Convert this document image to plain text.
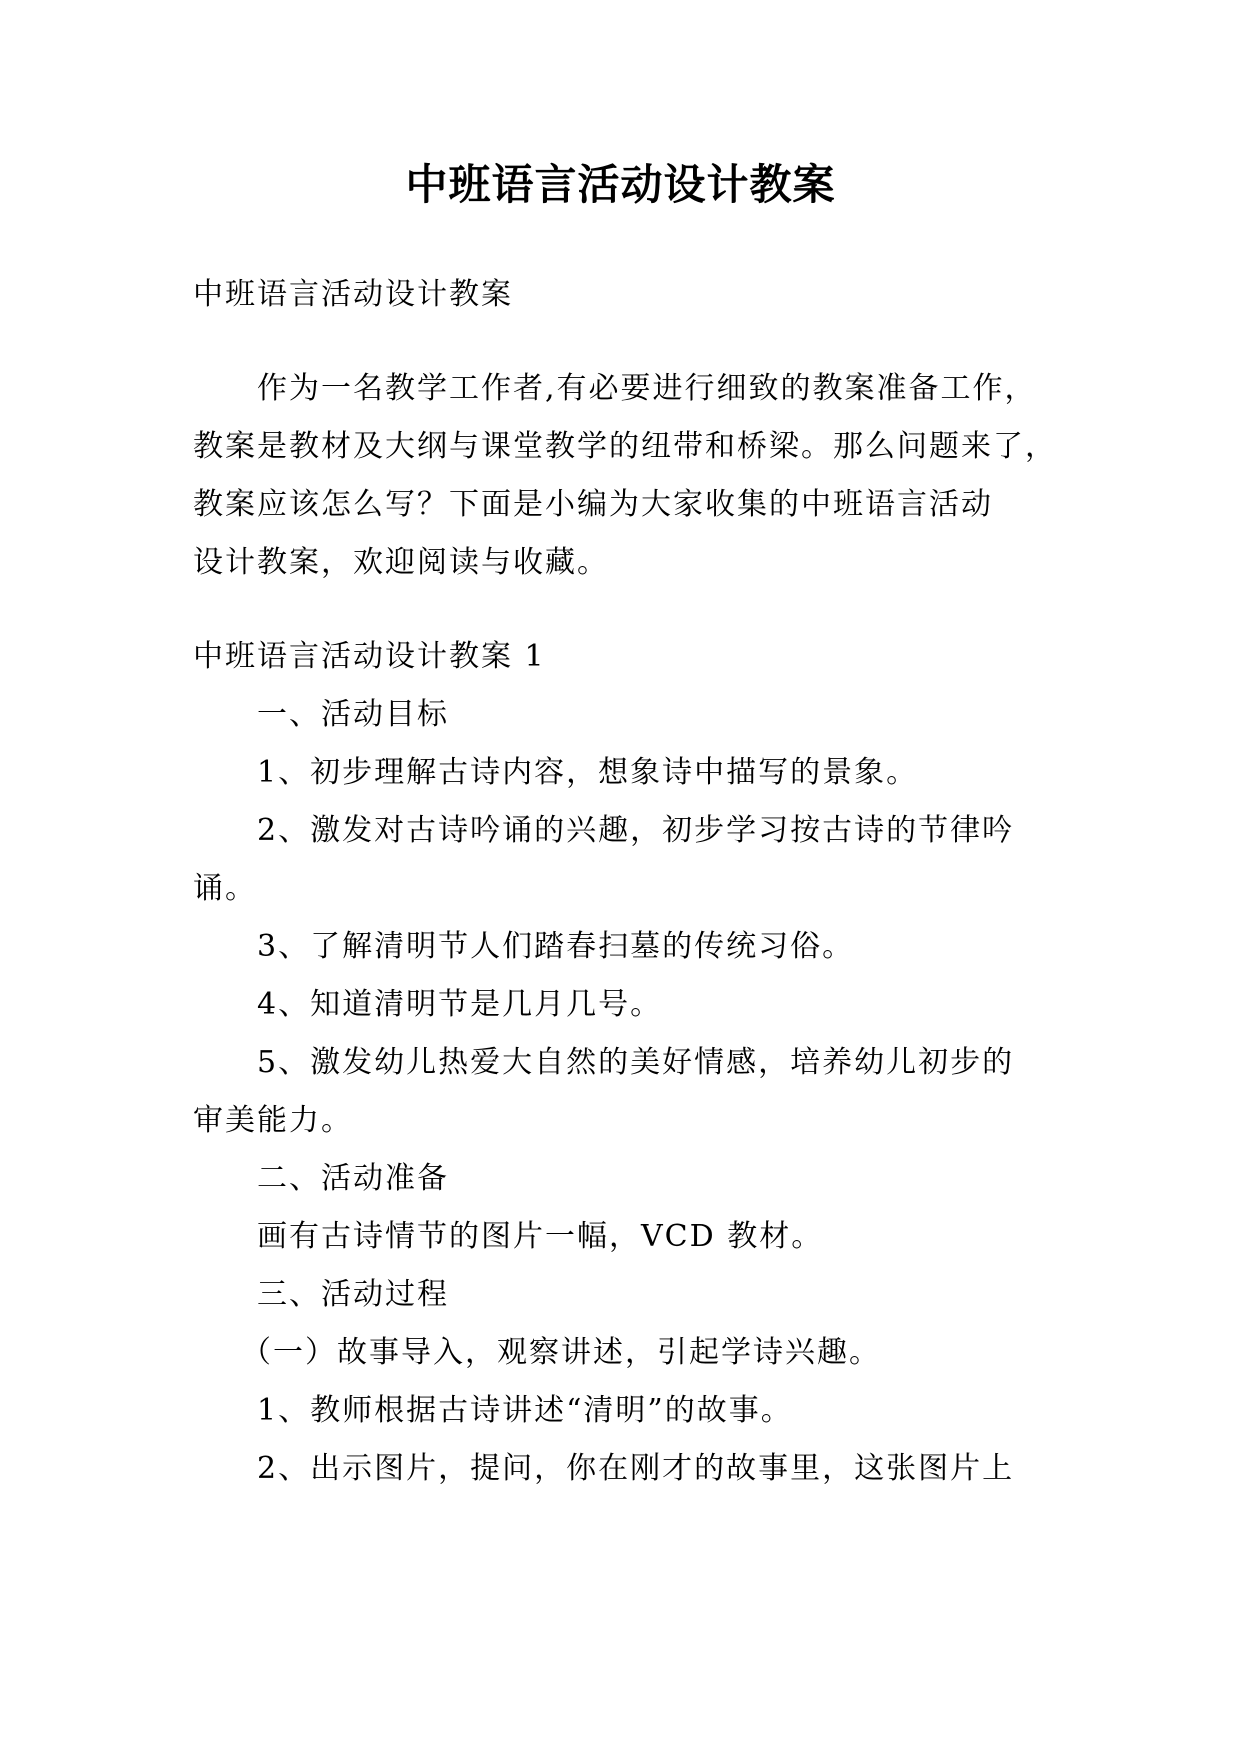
中班语言活动设计教案
中班语言活动设计教案
作为一名教学工作者,有必要进行细致的教案准备工作，
教案是教材及大纲与课堂教学的纽带和桥梁。那么问题来了，
教案应该怎么写？下面是小编为大家收集的中班语言活动
设计教案，欢迎阅读与收藏。
中班语言活动设计教案 1
一、活动目标
1、初步理解古诗内容，想象诗中描写的景象。
2、激发对古诗吟诵的兴趣，初步学习按古诗的节律吟
诵。
3、了解清明节人们踏春扫墓的传统习俗。
4、知道清明节是几月几号。
5、激发幼儿热爱大自然的美好情感，培养幼儿初步的
审美能力。
二、活动准备
画有古诗情节的图片一幅，VCD 教材。
三、活动过程
（一）故事导入，观察讲述，引起学诗兴趣。
1、教师根据古诗讲述“清明”的故事。
2、出示图片，提问，你在刚才的故事里，这张图片上
